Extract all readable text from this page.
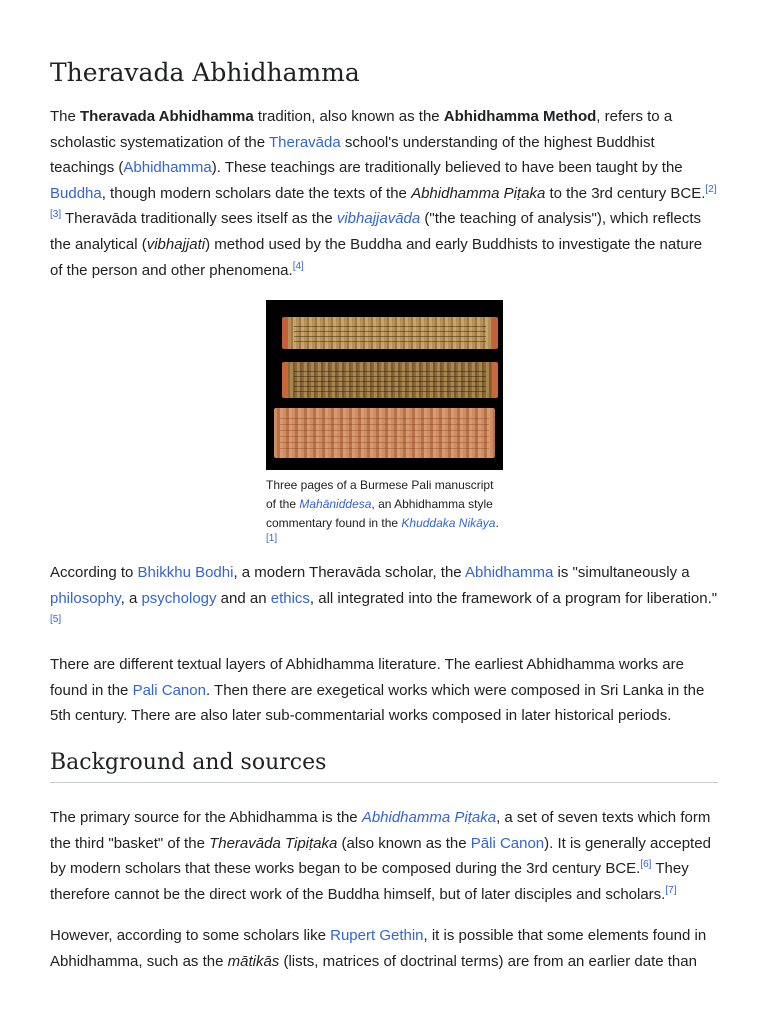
Theravada Abhidhamma

The Theravada Abhidhamma tradition, also known as the Abhidhamma Method, refers to a scholastic systematization of the Theravāda school's understanding of the highest Buddhist teachings (Abhidhamma). These teachings are traditionally believed to have been taught by the Buddha, though modern scholars date the texts of the Abhidhamma Piṭaka to the 3rd century BCE.[2][3] Theravāda traditionally sees itself as the vibhajjavāda ("the teaching of analysis"), which reflects the analytical (vibhajjati) method used by the Buddha and early Buddhists to investigate the nature of the person and other phenomena.[4]

Three pages of a Burmese Pali manuscript of the Mahāniddesa, an Abhidhamma style commentary found in the Khuddaka Nikāya.[1]

According to Bhikkhu Bodhi, a modern Theravāda scholar, the Abhidhamma is "simultaneously a philosophy, a psychology and an ethics, all integrated into the framework of a program for liberation."[5]

There are different textual layers of Abhidhamma literature. The earliest Abhidhamma works are found in the Pali Canon. Then there are exegetical works which were composed in Sri Lanka in the 5th century. There are also later sub-commentarial works composed in later historical periods.

Background and sources

The primary source for the Abhidhamma is the Abhidhamma Piṭaka, a set of seven texts which form the third "basket" of the Theravāda Tipiṭaka (also known as the Pāli Canon). It is generally accepted by modern scholars that these works began to be composed during the 3rd century BCE.[6] They therefore cannot be the direct work of the Buddha himself, but of later disciples and scholars.[7]

However, according to some scholars like Rupert Gethin, it is possible that some elements found in Abhidhamma, such as the mātikās (lists, matrices of doctrinal terms) are from an earlier date than
